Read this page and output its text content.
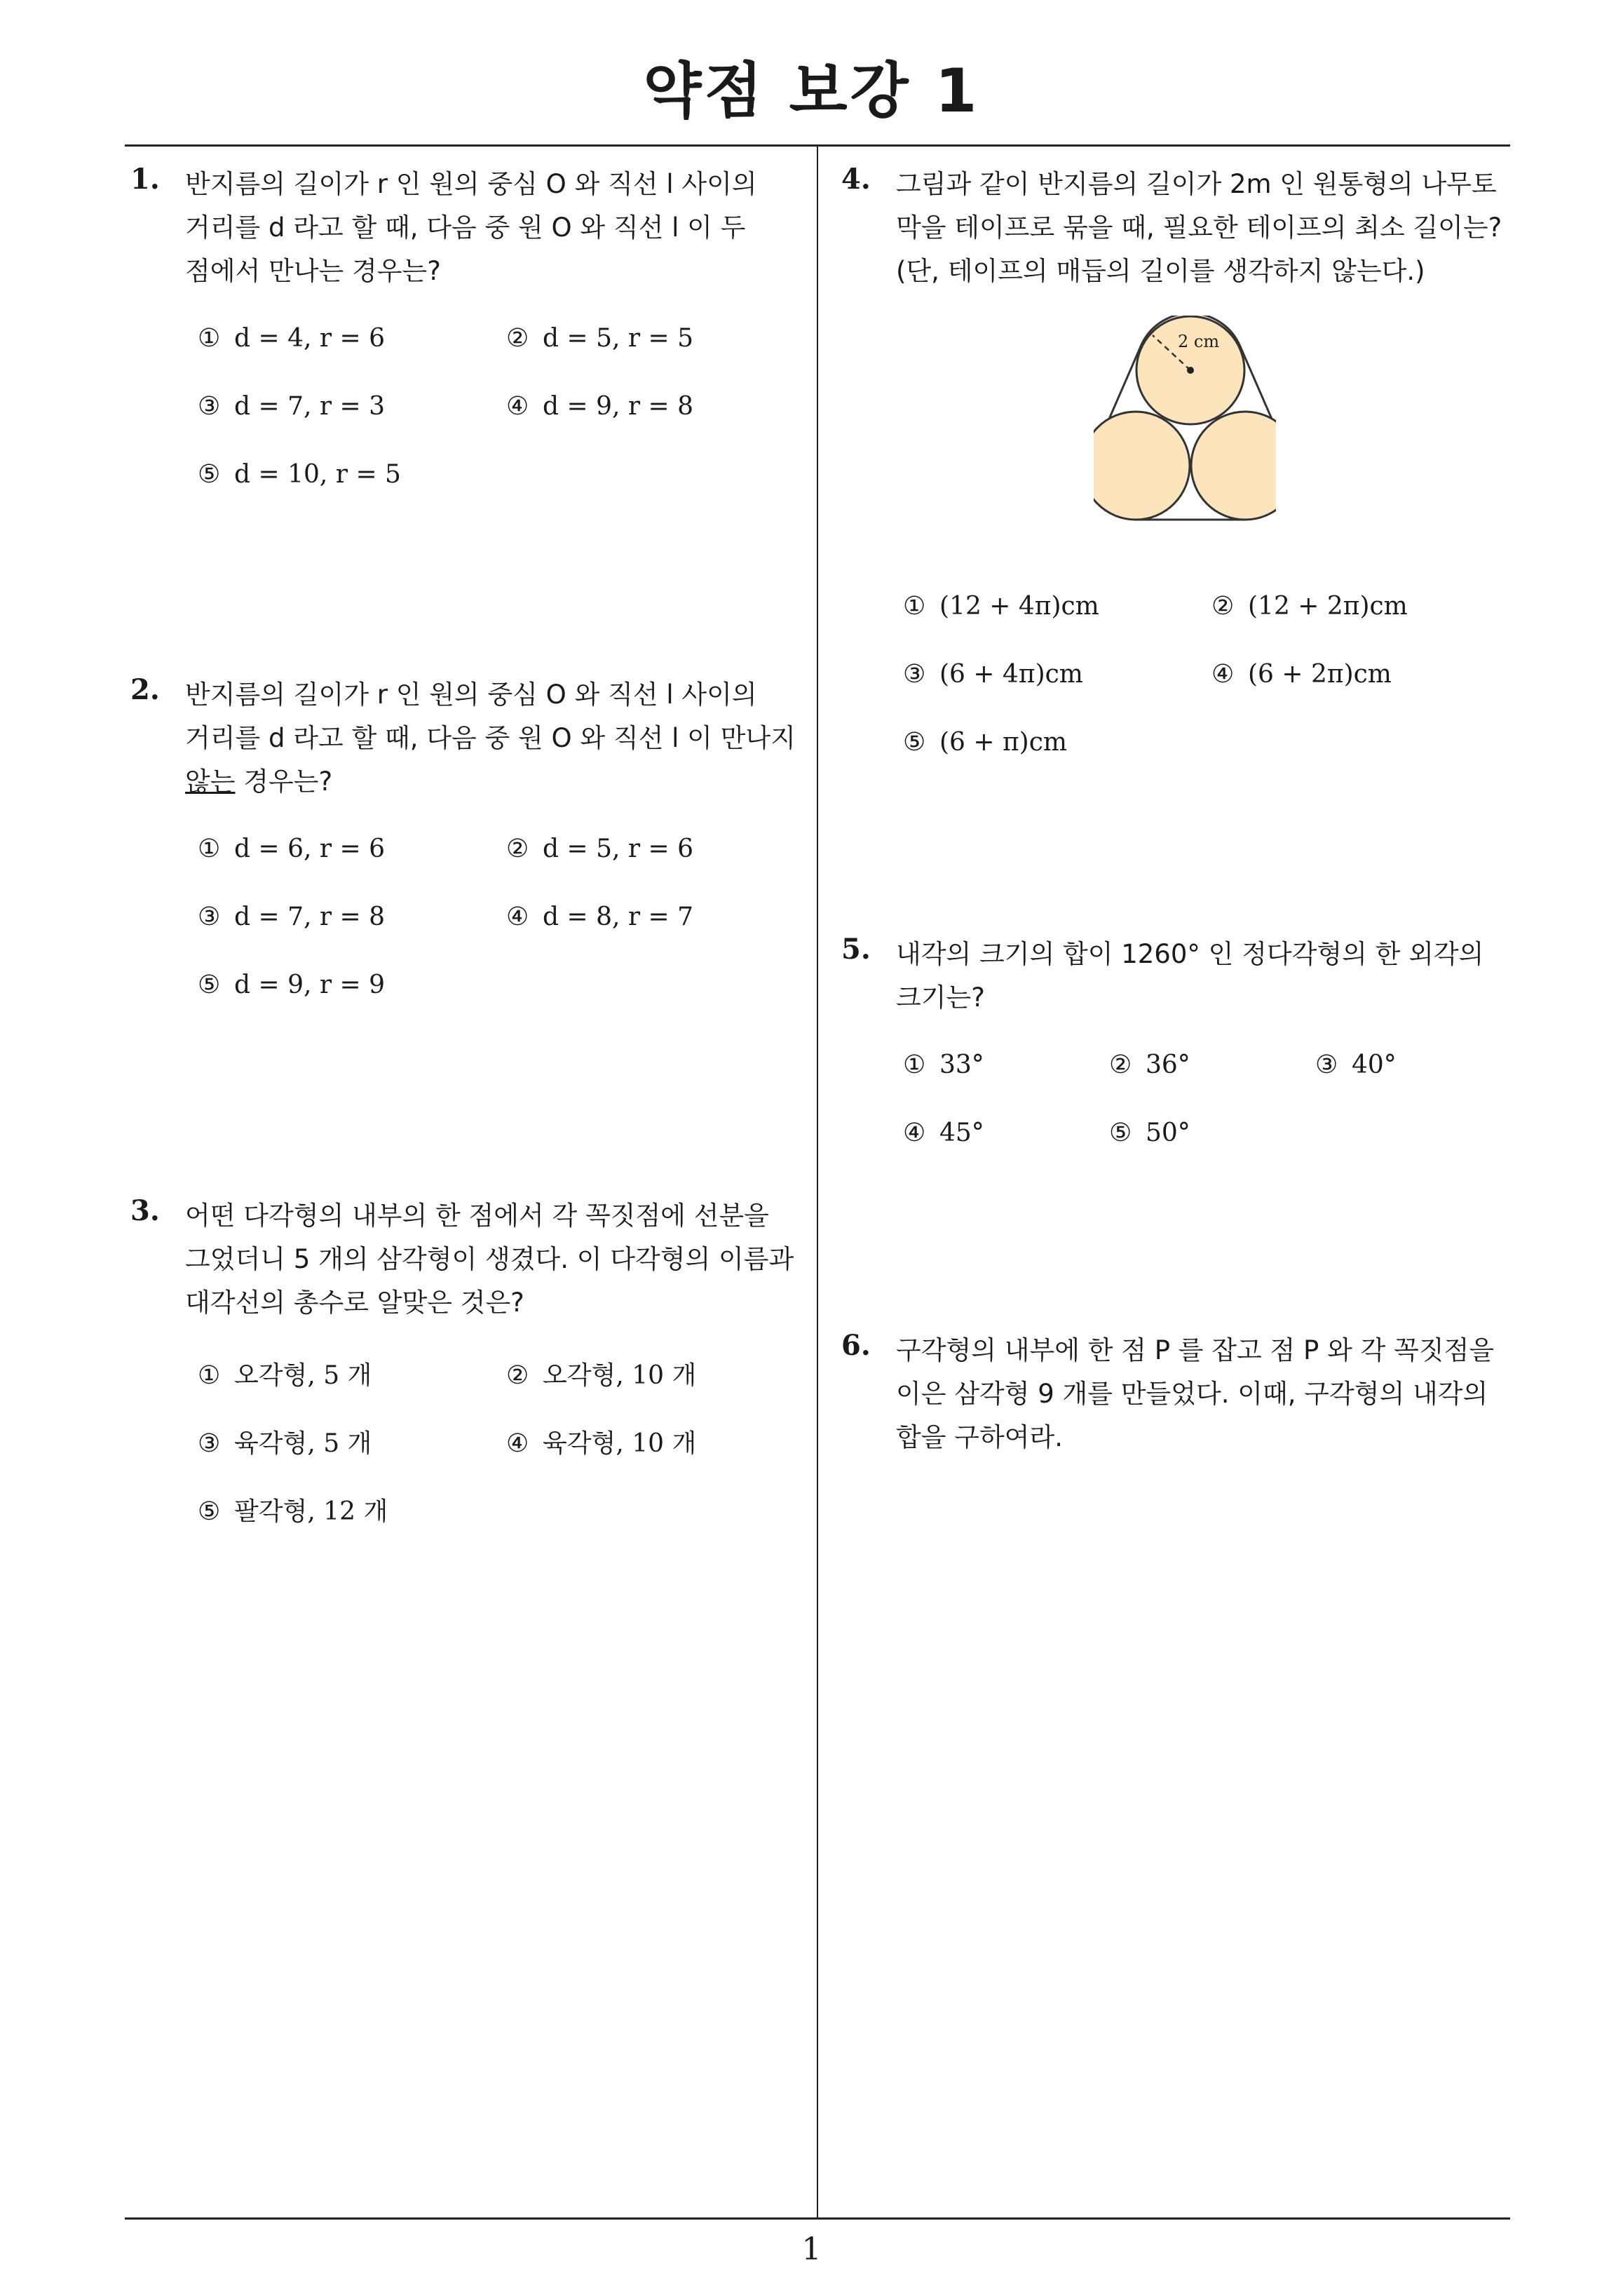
약점 보강 1
1. 반지름의 길이가 r 인 원의 중심 O 와 직선 l 사이의
거리를 d 라고 할 때, 다음 중 원 O 와 직선 l 이 두
점에서 만나는 경우는?
① d = 4, r = 6	② d = 5, r = 5
③ d = 7, r = 3	④ d = 9, r = 8
⑤ d = 10, r = 5
2. 반지름의 길이가 r 인 원의 중심 O 와 직선 l 사이의
거리를 d 라고 할 때, 다음 중 원 O 와 직선 l 이 만나지
않는 경우는?
① d = 6, r = 6	② d = 5, r = 6
③ d = 7, r = 8	④ d = 8, r = 7
⑤ d = 9, r = 9
3. 어떤 다각형의 내부의 한 점에서 각 꼭짓점에 선분을
그었더니 5 개의 삼각형이 생겼다. 이 다각형의 이름과
대각선의 총수로 알맞은 것은?
① 오각형, 5 개	② 오각형, 10 개
③ 육각형, 5 개	④ 육각형, 10 개
⑤ 팔각형, 12 개
4. 그림과 같이 반지름의 길이가 2m 인 원통형의 나무토
막을 테이프로 묶을 때, 필요한 테이프의 최소 길이는?
(단, 테이프의 매듭의 길이를 생각하지 않는다.)
2 cm
① (12 + 4π)cm	② (12 + 2π)cm
③ (6 + 4π)cm	④ (6 + 2π)cm
⑤ (6 + π)cm
5. 내각의 크기의 합이 1260° 인 정다각형의 한 외각의
크기는?
① 33°	② 36°	③ 40°
④ 45°	⑤ 50°
6. 구각형의 내부에 한 점 P 를 잡고 점 P 와 각 꼭짓점을
이은 삼각형 9 개를 만들었다. 이때, 구각형의 내각의
합을 구하여라.
1
